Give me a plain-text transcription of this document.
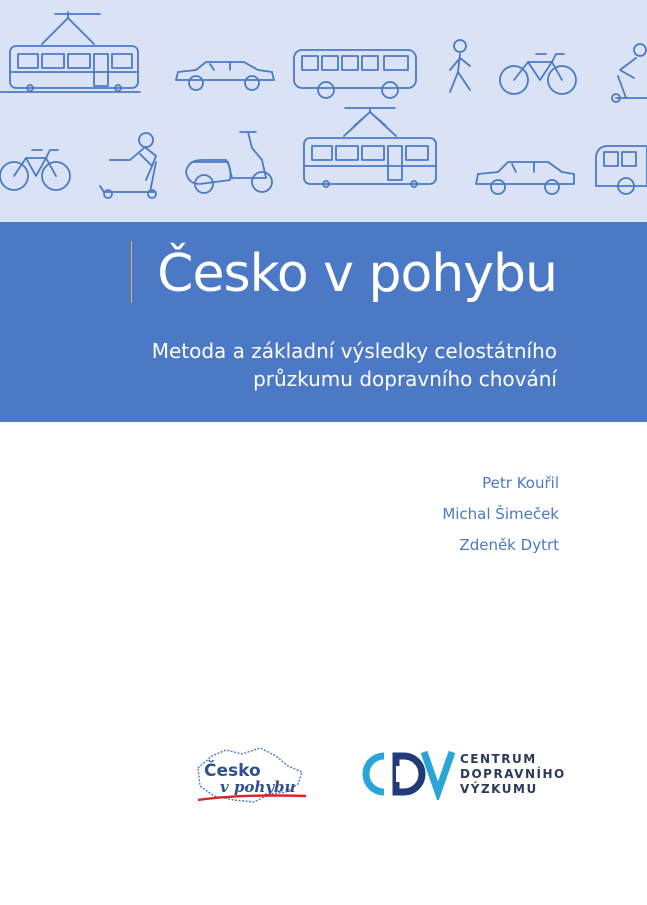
Česko v pohybu
Metoda a základní výsledky celostátního
průzkumu dopravního chování
Petr Kouřil
Michal Šimeček
Zdeněk Dytrt
Česko
v pohybu
CENTRUM
DOPRAVNÍHO
VÝZKUMU
